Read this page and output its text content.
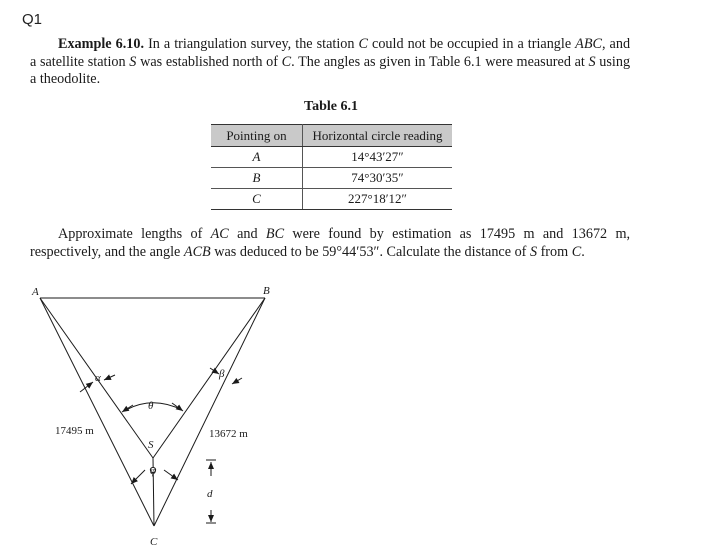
Q1
Example 6.10. In a triangulation survey, the station C could not be occupied in a triangle ABC, and a satellite station S was established north of C. The angles as given in Table 6.1 were measured at S using a theodolite.
Table 6.1
Pointing on	Horizontal circle reading
A	14°43′27″
B	74°30′35″
C	227°18′12″
Approximate lengths of AC and BC were found by estimation as 17495 m and 13672 m, respectively, and the angle ACB was deduced to be 59°44′53″. Calculate the distance of S from C.
A	B
C
S
α	β
θ
φ
d
17495 m	13672 m
